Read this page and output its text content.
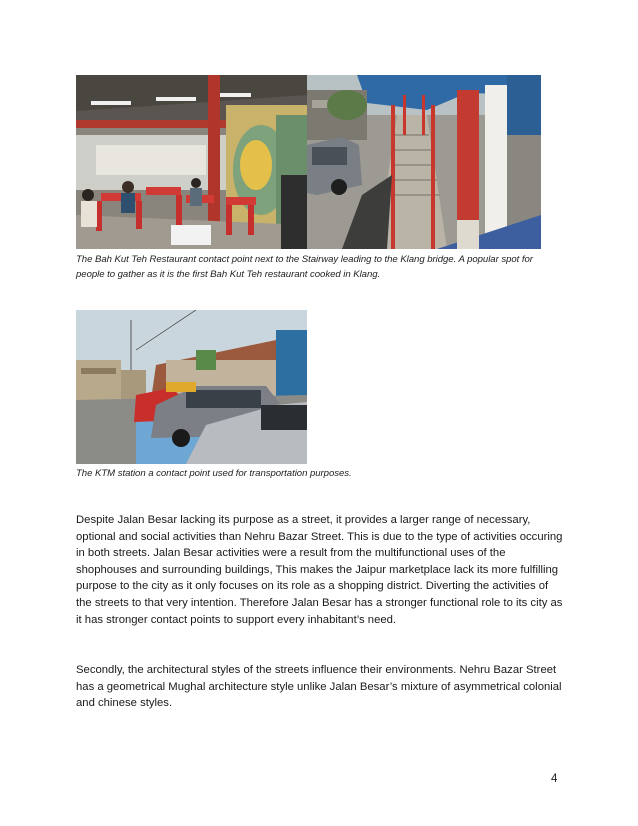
The Bah Kut Teh Restaurant contact point next to the Stairway leading to the Klang bridge. A popular spot for people to gather as it is the first Bah Kut Teh restaurant cooked in Klang.
The KTM station a contact point used for transportation purposes.

Despite Jalan Besar lacking its purpose as a street, it provides a larger range of necessary, optional and social activities than Nehru Bazar Street. This is due to the type of activities occuring in both streets. Jalan Besar activities were a result from the multifunctional uses of the shophouses and surrounding buildings, This makes the Jaipur marketplace lack its more fulfilling purpose to the city as it only focuses on its role as a shopping district. Diverting the activities of the streets to that very intention. Therefore Jalan Besar has a stronger functional role to its city as it has stronger contact points to support every inhabitant’s need.

Secondly, the architectural styles of the streets influence their environments. Nehru Bazar Street has a geometrical Mughal architecture style unlike Jalan Besar’s mixture of asymmetrical colonial and chinese styles.

4
